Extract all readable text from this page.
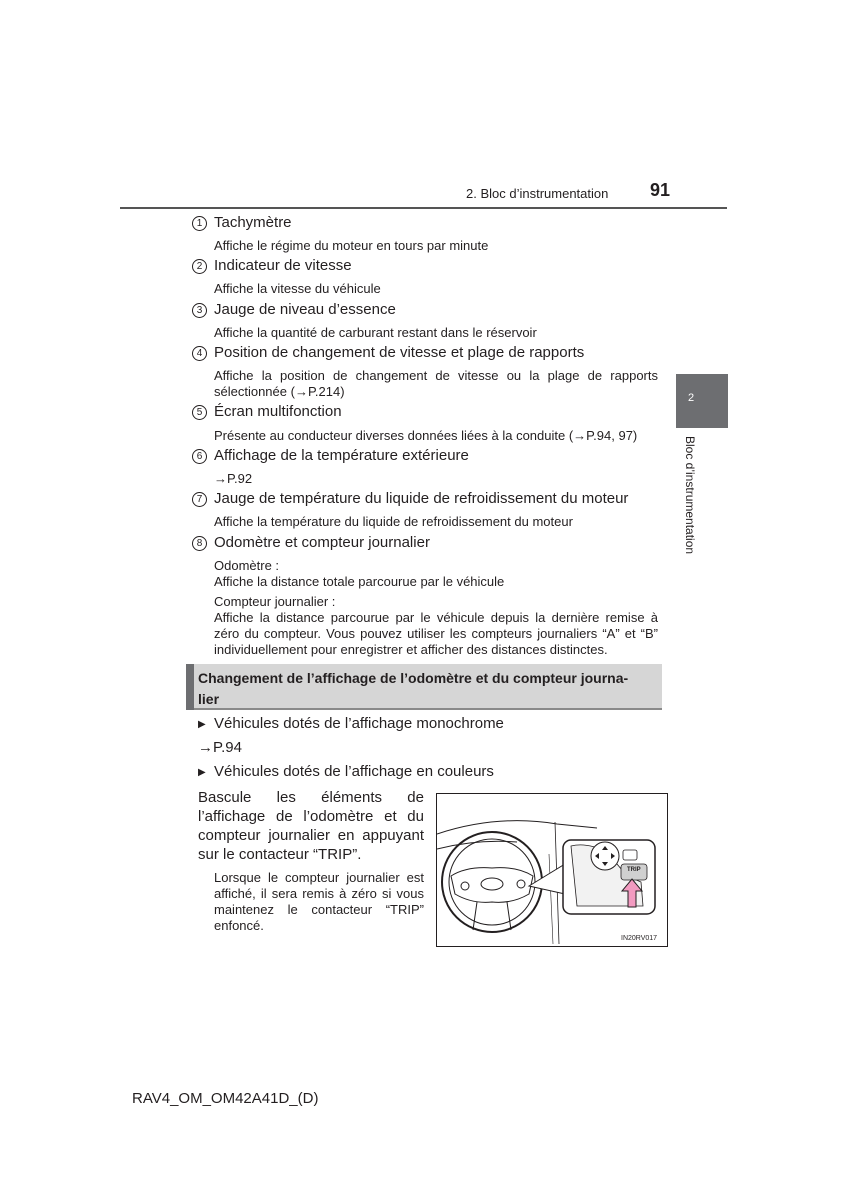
2. Bloc d’instrumentation 91
2
Bloc d’instrumentation
1 Tachymètre
Affiche le régime du moteur en tours par minute
2 Indicateur de vitesse
Affiche la vitesse du véhicule
3 Jauge de niveau d’essence
Affiche la quantité de carburant restant dans le réservoir
4 Position de changement de vitesse et plage de rapports
Affiche la position de changement de vitesse ou la plage de rapports sélectionnée (→P.214)
5 Écran multifonction
Présente au conducteur diverses données liées à la conduite (→P.94, 97)
6 Affichage de la température extérieure
→P.92
7 Jauge de température du liquide de refroidissement du moteur
Affiche la température du liquide de refroidissement du moteur
8 Odomètre et compteur journalier
Odomètre :
Affiche la distance totale parcourue par le véhicule
Compteur journalier :
Affiche la distance parcourue par le véhicule depuis la dernière remise à zéro du compteur. Vous pouvez utiliser les compteurs journaliers “A” et “B” individuellement pour enregistrer et afficher des distances distinctes.
Changement de l’affichage de l’odomètre et du compteur journa-
lier
▶ Véhicules dotés de l’affichage monochrome
→P.94
▶ Véhicules dotés de l’affichage en couleurs
Bascule les éléments de l’affichage de l’odomètre et du compteur journalier en appuyant sur le contacteur “TRIP”.
Lorsque le compteur journalier est affiché, il sera remis à zéro si vous maintenez le contacteur “TRIP” enfoncé.
TRIP
IN20RV017
RAV4_OM_OM42A41D_(D)
